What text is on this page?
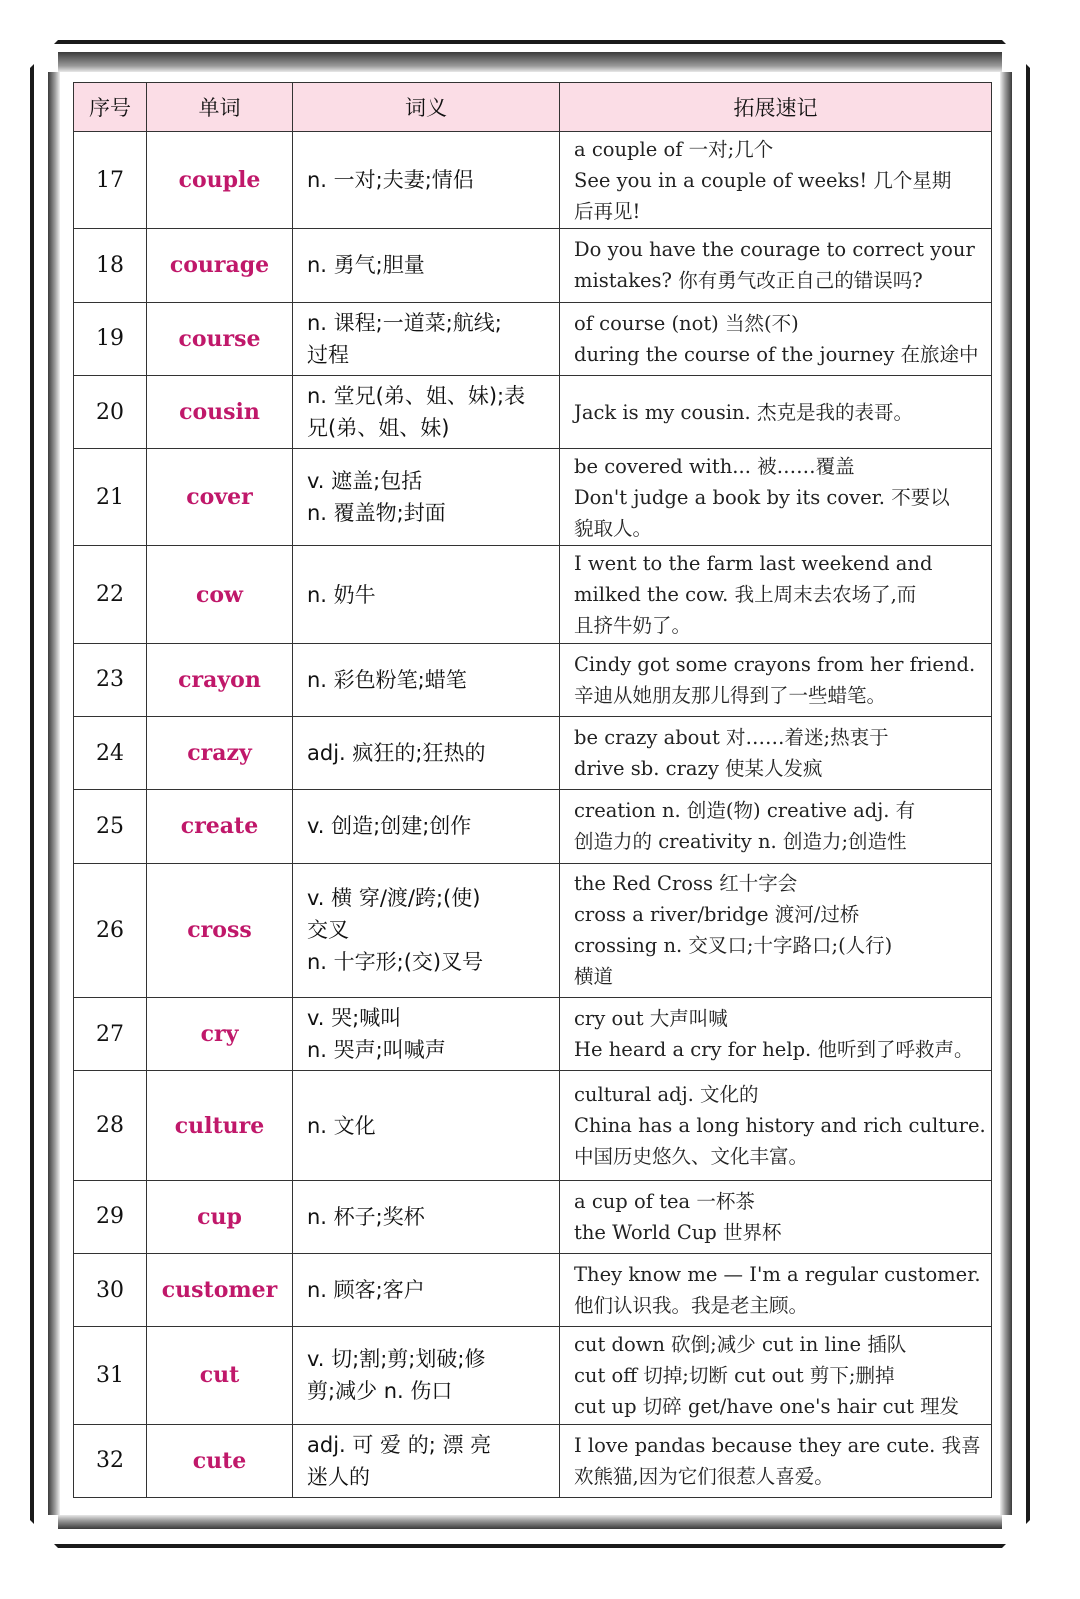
序号	单词	词义	拓展速记
17	couple	n. 一对;夫妻;情侣	a couple of 一对;几个
See you in a couple of weeks! 几个星期
后再见!

18	courage	n. 勇气;胆量	Do you have the courage to correct your
mistakes? 你有勇气改正自己的错误吗?

19	course	n. 课程;一道菜;航线;
过程	of course (not) 当然(不)
during the course of the journey 在旅途中

20	cousin	n. 堂兄(弟、姐、妹);表
兄(弟、姐、妹)	Jack is my cousin. 杰克是我的表哥。

21	cover	v. 遮盖;包括
n. 覆盖物;封面	be covered with... 被……覆盖
Don't judge a book by its cover. 不要以
貌取人。

22	cow	n. 奶牛	I went to the farm last weekend and
milked the cow. 我上周末去农场了,而
且挤牛奶了。

23	crayon	n. 彩色粉笔;蜡笔	Cindy got some crayons from her friend.
辛迪从她朋友那儿得到了一些蜡笔。

24	crazy	adj. 疯狂的;狂热的	be crazy about 对……着迷;热衷于
drive sb. crazy 使某人发疯

25	create	v. 创造;创建;创作	creation n. 创造(物) creative adj. 有
创造力的 creativity n. 创造力;创造性

26	cross	v. 横 穿/渡/跨;(使)
交叉
n. 十字形;(交)叉号	the Red Cross 红十字会
cross a river/bridge 渡河/过桥
crossing n. 交叉口;十字路口;(人行)
横道

27	cry	v. 哭;喊叫
n. 哭声;叫喊声	cry out 大声叫喊
He heard a cry for help. 他听到了呼救声。

28	culture	n. 文化	cultural adj. 文化的
China has a long history and rich culture.
中国历史悠久、文化丰富。

29	cup	n. 杯子;奖杯	a cup of tea 一杯茶
the World Cup 世界杯

30	customer	n. 顾客;客户	They know me — I'm a regular customer.
他们认识我。我是老主顾。

31	cut	v. 切;割;剪;划破;修
剪;减少 n. 伤口	cut down 砍倒;减少 cut in line 插队
cut off 切掉;切断 cut out 剪下;删掉
cut up 切碎 get/have one's hair cut 理发

32	cute	adj. 可 爱 的; 漂 亮
迷人的	I love pandas because they are cute. 我喜
欢熊猫,因为它们很惹人喜爱。
